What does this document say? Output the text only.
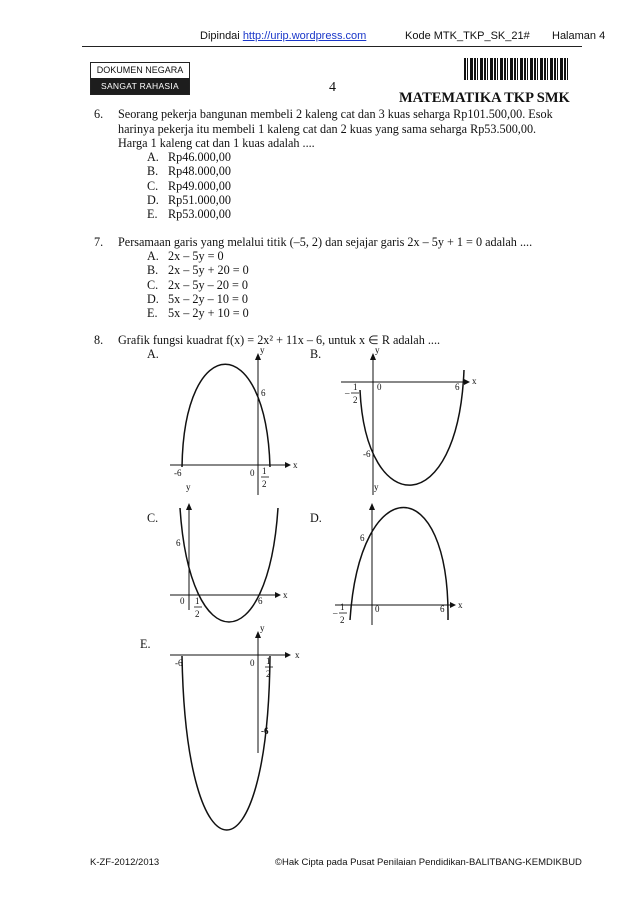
Dipindai http://urip.wordpress.com	Kode MTK_TKP_SK_21# Halaman 4
DOKUMEN NEGARA
SANGAT RAHASIA	4
MATEMATIKA TKP SMK
6. Seorang pekerja bangunan membeli 2 kaleng cat dan 3 kuas seharga Rp101.500,00. Esok
harinya pekerja itu membeli 1 kaleng cat dan 2 kuas yang sama seharga Rp53.500,00.
Harga 1 kaleng cat dan 1 kuas adalah ....
A. Rp46.000,00
B. Rp48.000,00
C. Rp49.000,00
D. Rp51.000,00
E. Rp53.000,00
7. Persamaan garis yang melalui titik (–5, 2) dan sejajar garis 2x – 5y + 1 = 0 adalah ....
A. 2x – 5y = 0
B. 2x – 5y + 20 = 0
C. 2x – 5y – 20 = 0
D. 5x – 2y – 10 = 0
E. 5x – 2y + 10 = 0
8. Grafik fungsi kuadrat f(x) = 2x² + 11x – 6, untuk x ∈ R adalah ....
A.	B.
C.	D.
E.
x
y
-6	0 1
2
6
x
y
1
2
–
0	6
-6
x
y
6
0 1
2
6	x
y
6
1
2
–	0	6
x
y
-6	0 1
2
-6
K-ZF-2012/2013	©Hak Cipta pada Pusat Penilaian Pendidikan-BALITBANG-KEMDIKBUD
